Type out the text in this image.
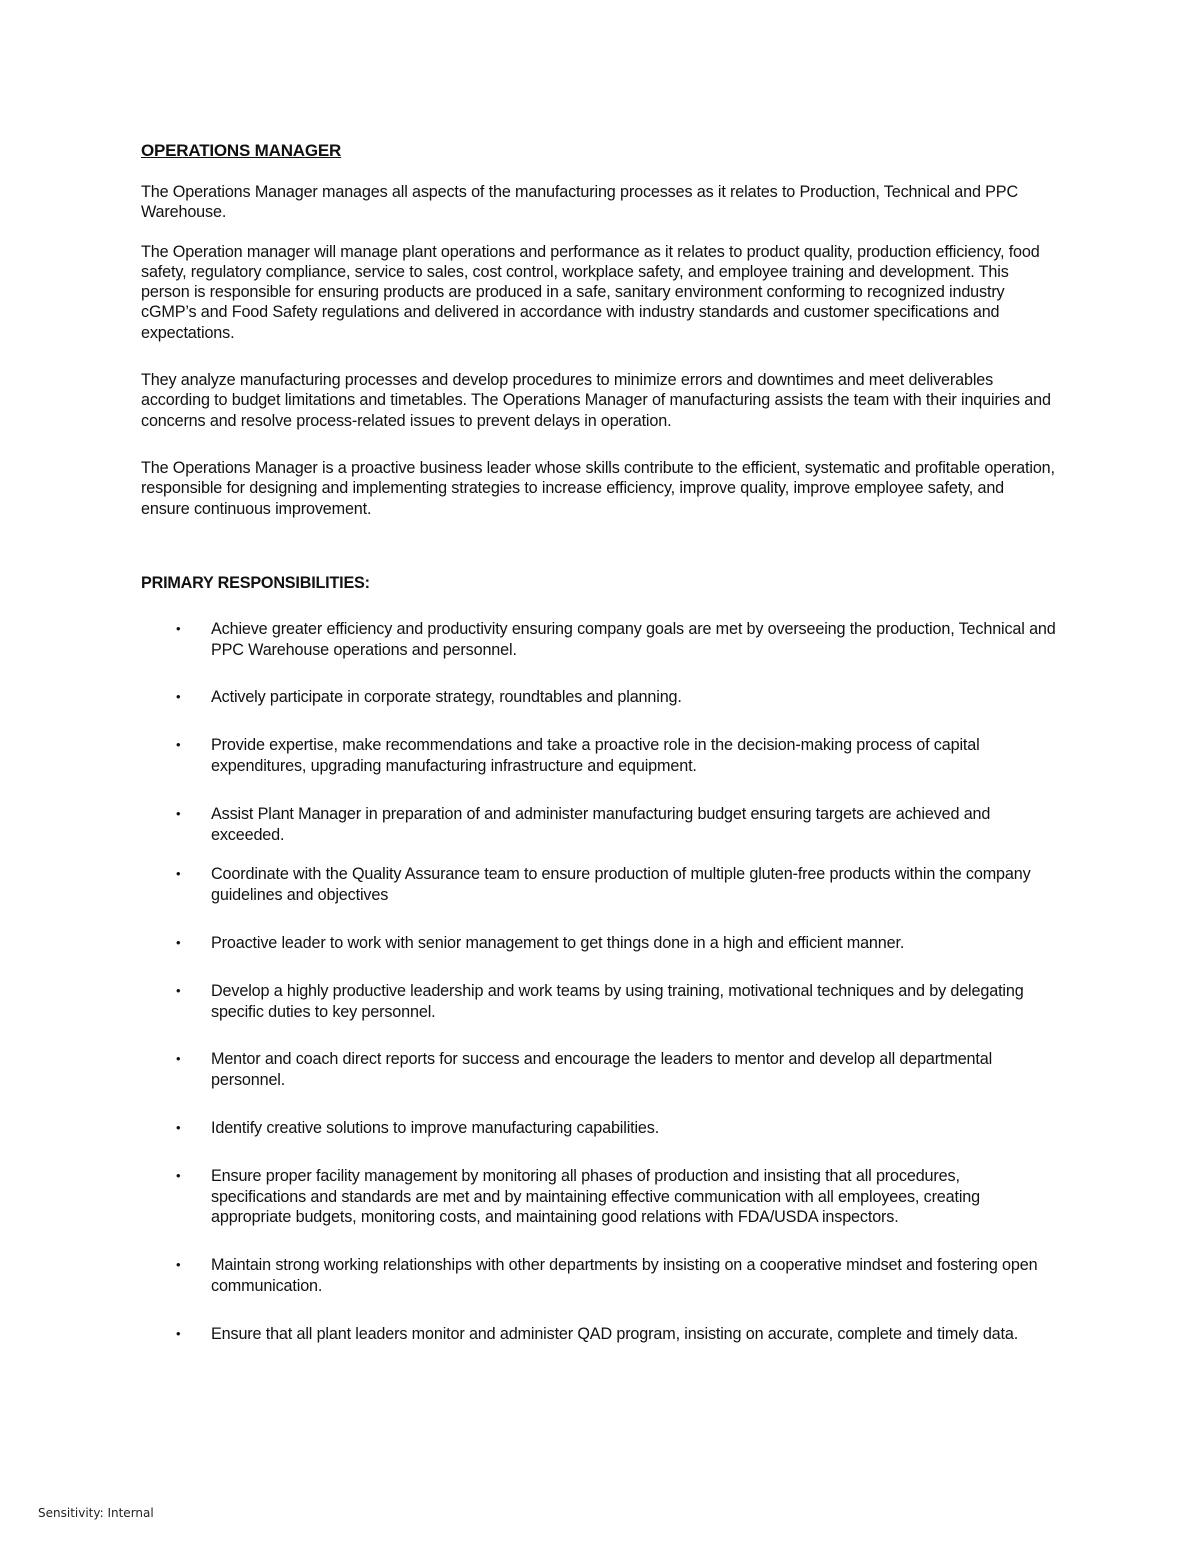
OPERATIONS MANAGER

The Operations Manager manages all aspects of the manufacturing processes as it relates to Production, Technical and PPC Warehouse.

The Operation manager will manage plant operations and performance as it relates to product quality, production efficiency, food safety, regulatory compliance, service to sales, cost control, workplace safety, and employee training and development. This person is responsible for ensuring products are produced in a safe, sanitary environment conforming to recognized industry cGMP’s and Food Safety regulations and delivered in accordance with industry standards and customer specifications and expectations.

They analyze manufacturing processes and develop procedures to minimize errors and downtimes and meet deliverables according to budget limitations and timetables. The Operations Manager of manufacturing assists the team with their inquiries and concerns and resolve process-related issues to prevent delays in operation.

The Operations Manager is a proactive business leader whose skills contribute to the efficient, systematic and profitable operation, responsible for designing and implementing strategies to increase efficiency, improve quality, improve employee safety, and ensure continuous improvement.

PRIMARY RESPONSIBILITIES:
• Achieve greater efficiency and productivity ensuring company goals are met by overseeing the production, Technical and PPC Warehouse operations and personnel.
• Actively participate in corporate strategy, roundtables and planning.
• Provide expertise, make recommendations and take a proactive role in the decision-making process of capital expenditures, upgrading manufacturing infrastructure and equipment.
• Assist Plant Manager in preparation of and administer manufacturing budget ensuring targets are achieved and exceeded.
• Coordinate with the Quality Assurance team to ensure production of multiple gluten-free products within the company guidelines and objectives
• Proactive leader to work with senior management to get things done in a high and efficient manner.
• Develop a highly productive leadership and work teams by using training, motivational techniques and by delegating specific duties to key personnel.
• Mentor and coach direct reports for success and encourage the leaders to mentor and develop all departmental personnel.
• Identify creative solutions to improve manufacturing capabilities.
• Ensure proper facility management by monitoring all phases of production and insisting that all procedures, specifications and standards are met and by maintaining effective communication with all employees, creating appropriate budgets, monitoring costs, and maintaining good relations with FDA/USDA inspectors.
• Maintain strong working relationships with other departments by insisting on a cooperative mindset and fostering open communication.
• Ensure that all plant leaders monitor and administer QAD program, insisting on accurate, complete and timely data.
Sensitivity: Internal
